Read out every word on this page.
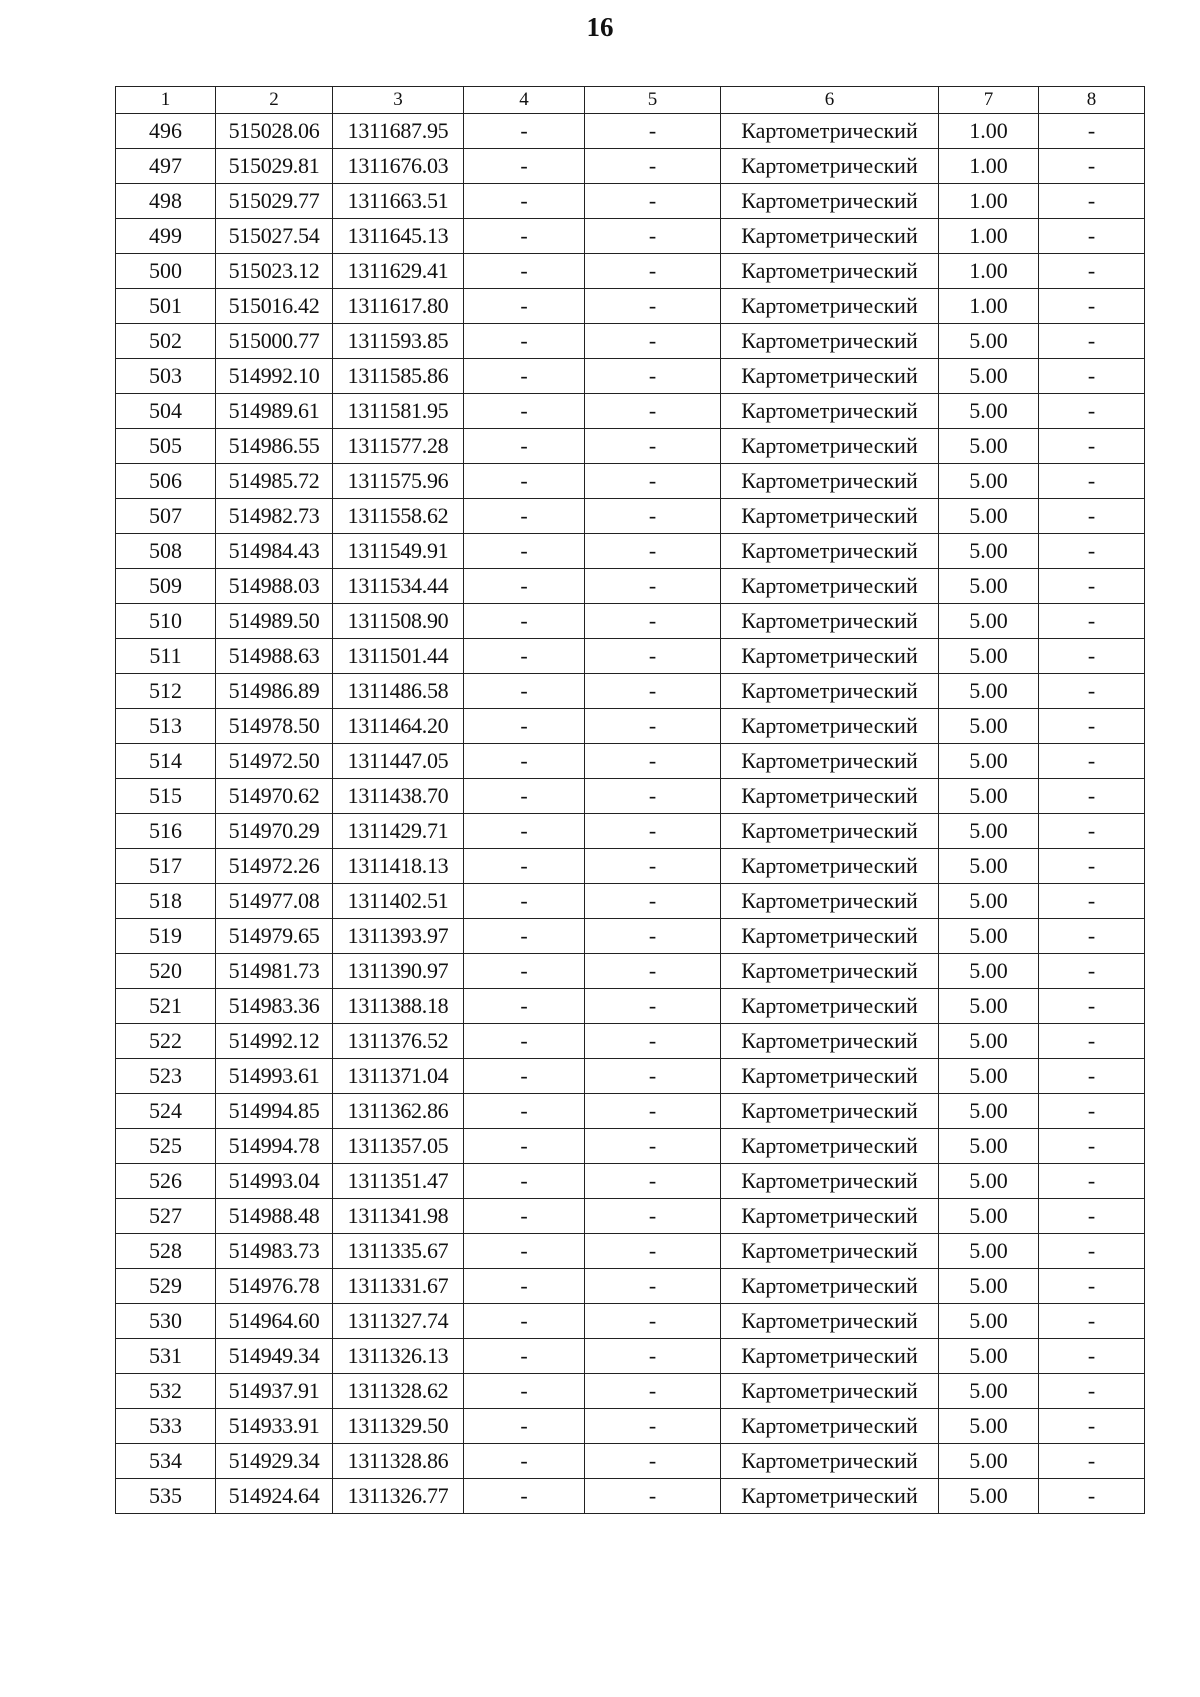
16
1	2	3	4	5	6	7	8
496	515028.06	1311687.95	-	-	Картометрический	1.00	-
497	515029.81	1311676.03	-	-	Картометрический	1.00	-
498	515029.77	1311663.51	-	-	Картометрический	1.00	-
499	515027.54	1311645.13	-	-	Картометрический	1.00	-
500	515023.12	1311629.41	-	-	Картометрический	1.00	-
501	515016.42	1311617.80	-	-	Картометрический	1.00	-
502	515000.77	1311593.85	-	-	Картометрический	5.00	-
503	514992.10	1311585.86	-	-	Картометрический	5.00	-
504	514989.61	1311581.95	-	-	Картометрический	5.00	-
505	514986.55	1311577.28	-	-	Картометрический	5.00	-
506	514985.72	1311575.96	-	-	Картометрический	5.00	-
507	514982.73	1311558.62	-	-	Картометрический	5.00	-
508	514984.43	1311549.91	-	-	Картометрический	5.00	-
509	514988.03	1311534.44	-	-	Картометрический	5.00	-
510	514989.50	1311508.90	-	-	Картометрический	5.00	-
511	514988.63	1311501.44	-	-	Картометрический	5.00	-
512	514986.89	1311486.58	-	-	Картометрический	5.00	-
513	514978.50	1311464.20	-	-	Картометрический	5.00	-
514	514972.50	1311447.05	-	-	Картометрический	5.00	-
515	514970.62	1311438.70	-	-	Картометрический	5.00	-
516	514970.29	1311429.71	-	-	Картометрический	5.00	-
517	514972.26	1311418.13	-	-	Картометрический	5.00	-
518	514977.08	1311402.51	-	-	Картометрический	5.00	-
519	514979.65	1311393.97	-	-	Картометрический	5.00	-
520	514981.73	1311390.97	-	-	Картометрический	5.00	-
521	514983.36	1311388.18	-	-	Картометрический	5.00	-
522	514992.12	1311376.52	-	-	Картометрический	5.00	-
523	514993.61	1311371.04	-	-	Картометрический	5.00	-
524	514994.85	1311362.86	-	-	Картометрический	5.00	-
525	514994.78	1311357.05	-	-	Картометрический	5.00	-
526	514993.04	1311351.47	-	-	Картометрический	5.00	-
527	514988.48	1311341.98	-	-	Картометрический	5.00	-
528	514983.73	1311335.67	-	-	Картометрический	5.00	-
529	514976.78	1311331.67	-	-	Картометрический	5.00	-
530	514964.60	1311327.74	-	-	Картометрический	5.00	-
531	514949.34	1311326.13	-	-	Картометрический	5.00	-
532	514937.91	1311328.62	-	-	Картометрический	5.00	-
533	514933.91	1311329.50	-	-	Картометрический	5.00	-
534	514929.34	1311328.86	-	-	Картометрический	5.00	-
535	514924.64	1311326.77	-	-	Картометрический	5.00	-
